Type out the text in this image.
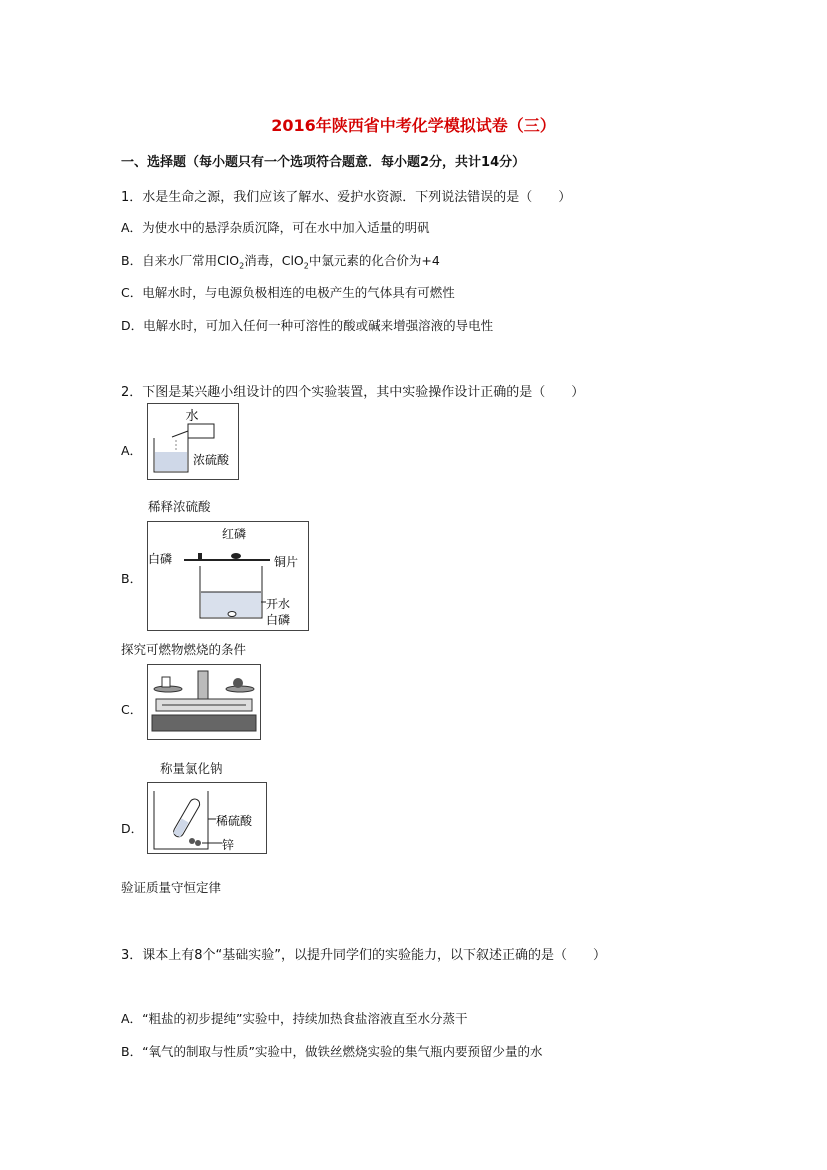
2016年陕西省中考化学模拟试卷（三）
一、选择题（每小题只有一个选项符合题意．每小题2分，共计14分）
1．水是生命之源，我们应该了解水、爱护水资源．下列说法错误的是（　　）
A．为使水中的悬浮杂质沉降，可在水中加入适量的明矾
B．自来水厂常用ClO$_2$消毒，ClO$_2$中氯元素的化合价为+4
C．电解水时，与电源负极相连的电极产生的气体具有可燃性
D．电解水时，可加入任何一种可溶性的酸或碱来增强溶液的导电性
2．下图是某兴趣小组设计的四个实验装置，其中实验操作设计正确的是（　　）
A．
水
浓硫酸
稀释浓硫酸
B．
红磷
白磷	铜片
开水
白磷
探究可燃物燃烧的条件
C．
称量氯化钠
D．	稀硫酸
锌
验证质量守恒定律
3．课本上有8个“基础实验”，以提升同学们的实验能力，以下叙述正确的是（　　）
A．“粗盐的初步提纯”实验中，持续加热食盐溶液直至水分蒸干
B．“氧气的制取与性质”实验中，做铁丝燃烧实验的集气瓶内要预留少量的水
